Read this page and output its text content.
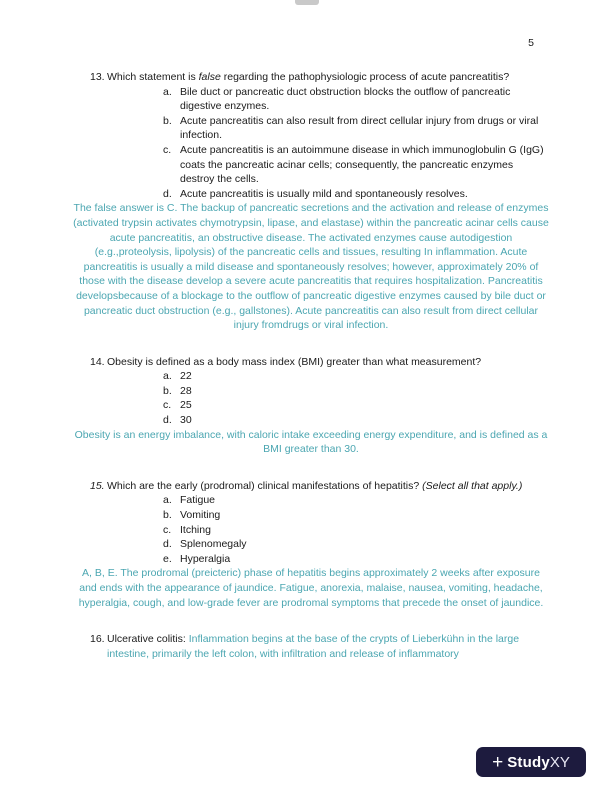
5
13. Which statement is false regarding the pathophysiologic process of acute pancreatitis?
a. Bile duct or pancreatic duct obstruction blocks the outflow of pancreatic digestive enzymes.
b. Acute pancreatitis can also result from direct cellular injury from drugs or viral infection.
c. Acute pancreatitis is an autoimmune disease in which immunoglobulin G (IgG) coats the pancreatic acinar cells; consequently, the pancreatic enzymes destroy the cells.
d. Acute pancreatitis is usually mild and spontaneously resolves.
The false answer is C. The backup of pancreatic secretions and the activation and release of enzymes (activated trypsin activates chymotrypsin, lipase, and elastase) within the pancreatic acinar cells cause acute pancreatitis, an obstructive disease. The activated enzymes cause autodigestion (e.g.,proteolysis, lipolysis) of the pancreatic cells and tissues, resulting In inflammation. Acute pancreatitis is usually a mild disease and spontaneously resolves; however, approximately 20% of those with the disease develop a severe acute pancreatitis that requires hospitalization. Pancreatitis developsbecause of a blockage to the outflow of pancreatic digestive enzymes caused by bile duct or pancreatic duct obstruction (e.g., gallstones). Acute pancreatitis can also result from direct cellular injury fromdrugs or viral infection.
14. Obesity is defined as a body mass index (BMI) greater than what measurement?
a. 22
b. 28
c. 25
d. 30
Obesity is an energy imbalance, with caloric intake exceeding energy expenditure, and is defined as a BMI greater than 30.
15. Which are the early (prodromal) clinical manifestations of hepatitis? (Select all that apply.)
a. Fatigue
b. Vomiting
c. Itching
d. Splenomegaly
e. Hyperalgia
A, B, E. The prodromal (preicteric) phase of hepatitis begins approximately 2 weeks after exposure and ends with the appearance of jaundice. Fatigue, anorexia, malaise, nausea, vomiting, headache, hyperalgia, cough, and low-grade fever are prodromal symptoms that precede the onset of jaundice.
16. Ulcerative colitis: Inflammation begins at the base of the crypts of Lieberkühn in the large intestine, primarily the left colon, with infiltration and release of inflammatory
+ Study XY
